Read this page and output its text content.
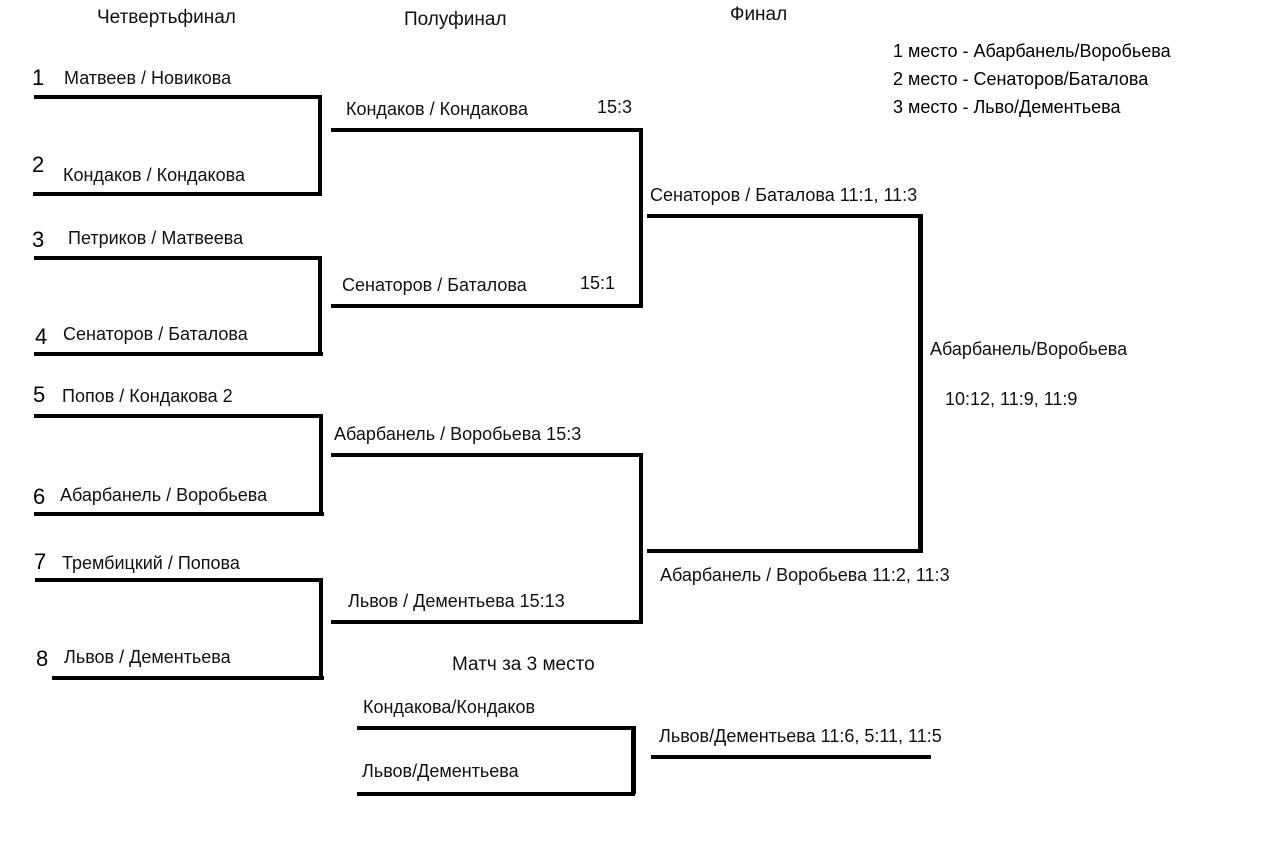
Четвертьфинал	Полуфинал	Финал
1 место - Абарбанель/Воробьева
2 место - Сенаторов/Баталова
3 место - Льво/Дементьева
1
2
3
4
5
6
7
8
Матвеев / Новикова
Кондаков / Кондакова
Петриков / Матвеева
Сенаторов / Баталова
Попов / Кондакова 2
Абарбанель / Воробьева
Трембицкий / Попова
Львов / Дементьева
Кондаков / Кондакова	15:3
Сенаторов / Баталова	15:1
Абарбанель / Воробьева 15:3
Львов / Дементьева 15:13
Сенаторов / Баталова 11:1, 11:3
Абарбанель / Воробьева 11:2, 11:3
Абарбанель/Воробьева
10:12, 11:9, 11:9
Матч за 3 место
Кондакова/Кондаков
Львов/Дементьева
Львов/Дементьева 11:6, 5:11, 11:5
